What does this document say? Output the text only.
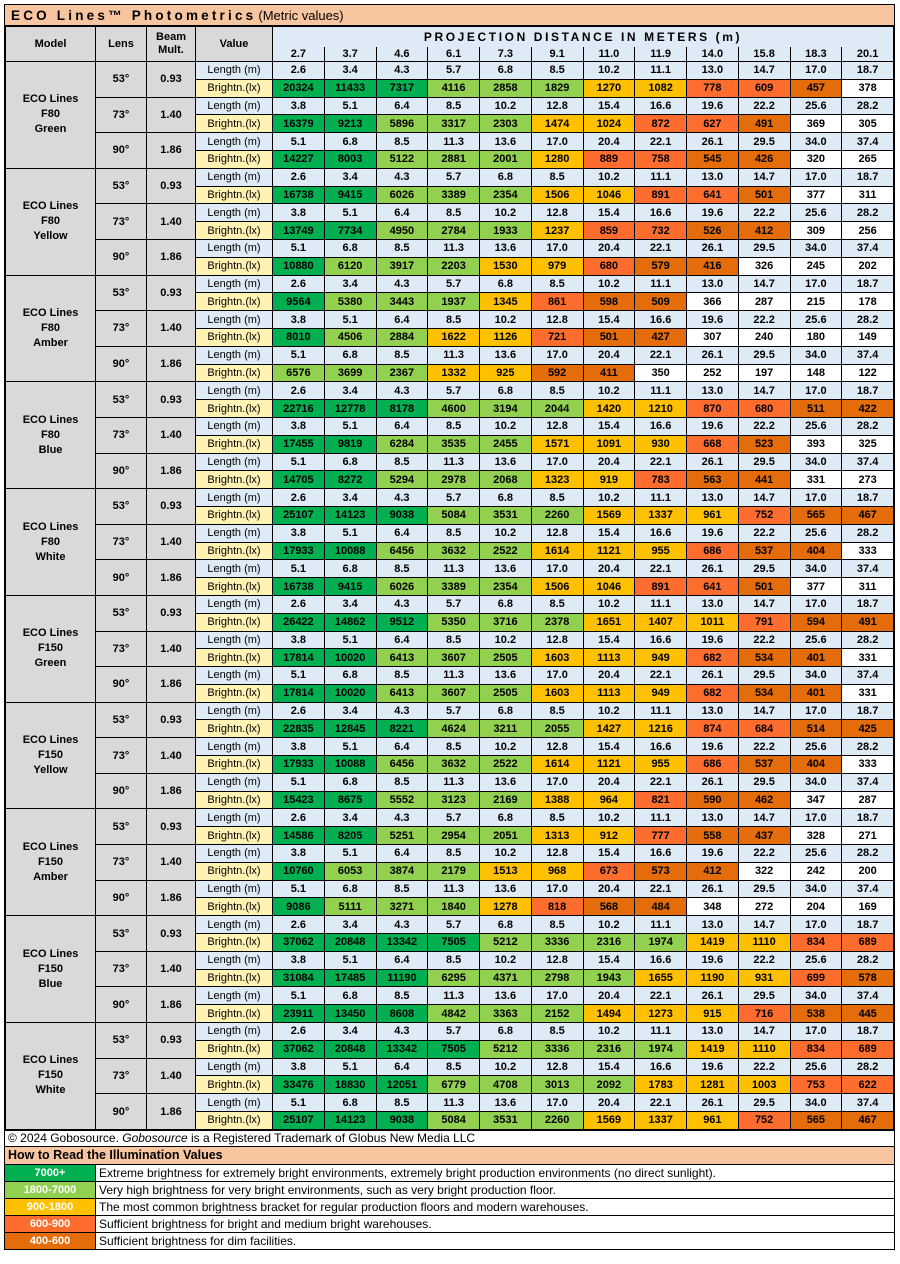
ECO Lines™ Photometrics (Metric values)
Model	Lens	Beam
Mult.	Value	PROJECTION DISTANCE IN METERS (m)											
				2.7	3.7	4.6	6.1	7.3	9.1	11.0	11.9	14.0	15.8	18.3	20.1
ECO Lines
F80
Green	53°	0.93	Length (m)	2.6	3.4	4.3	5.7	6.8	8.5	10.2	11.1	13.0	14.7	17.0	18.7
			Brightn.(lx)	20324	11433	7317	4116	2858	1829	1270	1082	778	609	457	378
	73°	1.40	Length (m)	3.8	5.1	6.4	8.5	10.2	12.8	15.4	16.6	19.6	22.2	25.6	28.2
			Brightn.(lx)	16379	9213	5896	3317	2303	1474	1024	872	627	491	369	305
	90°	1.86	Length (m)	5.1	6.8	8.5	11.3	13.6	17.0	20.4	22.1	26.1	29.5	34.0	37.4
			Brightn.(lx)	14227	8003	5122	2881	2001	1280	889	758	545	426	320	265
ECO Lines
F80
Yellow	53°	0.93	Length (m)	2.6	3.4	4.3	5.7	6.8	8.5	10.2	11.1	13.0	14.7	17.0	18.7
			Brightn.(lx)	16738	9415	6026	3389	2354	1506	1046	891	641	501	377	311
	73°	1.40	Length (m)	3.8	5.1	6.4	8.5	10.2	12.8	15.4	16.6	19.6	22.2	25.6	28.2
			Brightn.(lx)	13749	7734	4950	2784	1933	1237	859	732	526	412	309	256
	90°	1.86	Length (m)	5.1	6.8	8.5	11.3	13.6	17.0	20.4	22.1	26.1	29.5	34.0	37.4
			Brightn.(lx)	10880	6120	3917	2203	1530	979	680	579	416	326	245	202
ECO Lines
F80
Amber	53°	0.93	Length (m)	2.6	3.4	4.3	5.7	6.8	8.5	10.2	11.1	13.0	14.7	17.0	18.7
			Brightn.(lx)	9564	5380	3443	1937	1345	861	598	509	366	287	215	178
	73°	1.40	Length (m)	3.8	5.1	6.4	8.5	10.2	12.8	15.4	16.6	19.6	22.2	25.6	28.2
			Brightn.(lx)	8010	4506	2884	1622	1126	721	501	427	307	240	180	149
	90°	1.86	Length (m)	5.1	6.8	8.5	11.3	13.6	17.0	20.4	22.1	26.1	29.5	34.0	37.4
			Brightn.(lx)	6576	3699	2367	1332	925	592	411	350	252	197	148	122
ECO Lines
F80
Blue	53°	0.93	Length (m)	2.6	3.4	4.3	5.7	6.8	8.5	10.2	11.1	13.0	14.7	17.0	18.7
			Brightn.(lx)	22716	12778	8178	4600	3194	2044	1420	1210	870	680	511	422
	73°	1.40	Length (m)	3.8	5.1	6.4	8.5	10.2	12.8	15.4	16.6	19.6	22.2	25.6	28.2
			Brightn.(lx)	17455	9819	6284	3535	2455	1571	1091	930	668	523	393	325
	90°	1.86	Length (m)	5.1	6.8	8.5	11.3	13.6	17.0	20.4	22.1	26.1	29.5	34.0	37.4
			Brightn.(lx)	14705	8272	5294	2978	2068	1323	919	783	563	441	331	273
ECO Lines
F80
White	53°	0.93	Length (m)	2.6	3.4	4.3	5.7	6.8	8.5	10.2	11.1	13.0	14.7	17.0	18.7
			Brightn.(lx)	25107	14123	9038	5084	3531	2260	1569	1337	961	752	565	467
	73°	1.40	Length (m)	3.8	5.1	6.4	8.5	10.2	12.8	15.4	16.6	19.6	22.2	25.6	28.2
			Brightn.(lx)	17933	10088	6456	3632	2522	1614	1121	955	686	537	404	333
	90°	1.86	Length (m)	5.1	6.8	8.5	11.3	13.6	17.0	20.4	22.1	26.1	29.5	34.0	37.4
			Brightn.(lx)	16738	9415	6026	3389	2354	1506	1046	891	641	501	377	311
ECO Lines
F150
Green	53°	0.93	Length (m)	2.6	3.4	4.3	5.7	6.8	8.5	10.2	11.1	13.0	14.7	17.0	18.7
			Brightn.(lx)	26422	14862	9512	5350	3716	2378	1651	1407	1011	791	594	491
	73°	1.40	Length (m)	3.8	5.1	6.4	8.5	10.2	12.8	15.4	16.6	19.6	22.2	25.6	28.2
			Brightn.(lx)	17814	10020	6413	3607	2505	1603	1113	949	682	534	401	331
	90°	1.86	Length (m)	5.1	6.8	8.5	11.3	13.6	17.0	20.4	22.1	26.1	29.5	34.0	37.4
			Brightn.(lx)	17814	10020	6413	3607	2505	1603	1113	949	682	534	401	331
ECO Lines
F150
Yellow	53°	0.93	Length (m)	2.6	3.4	4.3	5.7	6.8	8.5	10.2	11.1	13.0	14.7	17.0	18.7
			Brightn.(lx)	22835	12845	8221	4624	3211	2055	1427	1216	874	684	514	425
	73°	1.40	Length (m)	3.8	5.1	6.4	8.5	10.2	12.8	15.4	16.6	19.6	22.2	25.6	28.2
			Brightn.(lx)	17933	10088	6456	3632	2522	1614	1121	955	686	537	404	333
	90°	1.86	Length (m)	5.1	6.8	8.5	11.3	13.6	17.0	20.4	22.1	26.1	29.5	34.0	37.4
			Brightn.(lx)	15423	8675	5552	3123	2169	1388	964	821	590	462	347	287
ECO Lines
F150
Amber	53°	0.93	Length (m)	2.6	3.4	4.3	5.7	6.8	8.5	10.2	11.1	13.0	14.7	17.0	18.7
			Brightn.(lx)	14586	8205	5251	2954	2051	1313	912	777	558	437	328	271
	73°	1.40	Length (m)	3.8	5.1	6.4	8.5	10.2	12.8	15.4	16.6	19.6	22.2	25.6	28.2
			Brightn.(lx)	10760	6053	3874	2179	1513	968	673	573	412	322	242	200
	90°	1.86	Length (m)	5.1	6.8	8.5	11.3	13.6	17.0	20.4	22.1	26.1	29.5	34.0	37.4
			Brightn.(lx)	9086	5111	3271	1840	1278	818	568	484	348	272	204	169
ECO Lines
F150
Blue	53°	0.93	Length (m)	2.6	3.4	4.3	5.7	6.8	8.5	10.2	11.1	13.0	14.7	17.0	18.7
			Brightn.(lx)	37062	20848	13342	7505	5212	3336	2316	1974	1419	1110	834	689
	73°	1.40	Length (m)	3.8	5.1	6.4	8.5	10.2	12.8	15.4	16.6	19.6	22.2	25.6	28.2
			Brightn.(lx)	31084	17485	11190	6295	4371	2798	1943	1655	1190	931	699	578
	90°	1.86	Length (m)	5.1	6.8	8.5	11.3	13.6	17.0	20.4	22.1	26.1	29.5	34.0	37.4
			Brightn.(lx)	23911	13450	8608	4842	3363	2152	1494	1273	915	716	538	445
ECO Lines
F150
White	53°	0.93	Length (m)	2.6	3.4	4.3	5.7	6.8	8.5	10.2	11.1	13.0	14.7	17.0	18.7
			Brightn.(lx)	37062	20848	13342	7505	5212	3336	2316	1974	1419	1110	834	689
	73°	1.40	Length (m)	3.8	5.1	6.4	8.5	10.2	12.8	15.4	16.6	19.6	22.2	25.6	28.2
			Brightn.(lx)	33476	18830	12051	6779	4708	3013	2092	1783	1281	1003	753	622
	90°	1.86	Length (m)	5.1	6.8	8.5	11.3	13.6	17.0	20.4	22.1	26.1	29.5	34.0	37.4
			Brightn.(lx)	25107	14123	9038	5084	3531	2260	1569	1337	961	752	565	467
© 2024 Gobosource. Gobosource is a Registered Trademark of Globus New Media LLC
How to Read the Illumination Values
7000+	Extreme brightness for extremely bright environments, extremely bright production environments (no direct sunlight).
1800-7000	Very high brightness for very bright environments, such as very bright production floor.
900-1800	The most common brightness bracket for regular production floors and modern warehouses.
600-900	Sufficient brightness for bright and medium bright warehouses.
400-600	Sufficient brightness for dim facilities.
